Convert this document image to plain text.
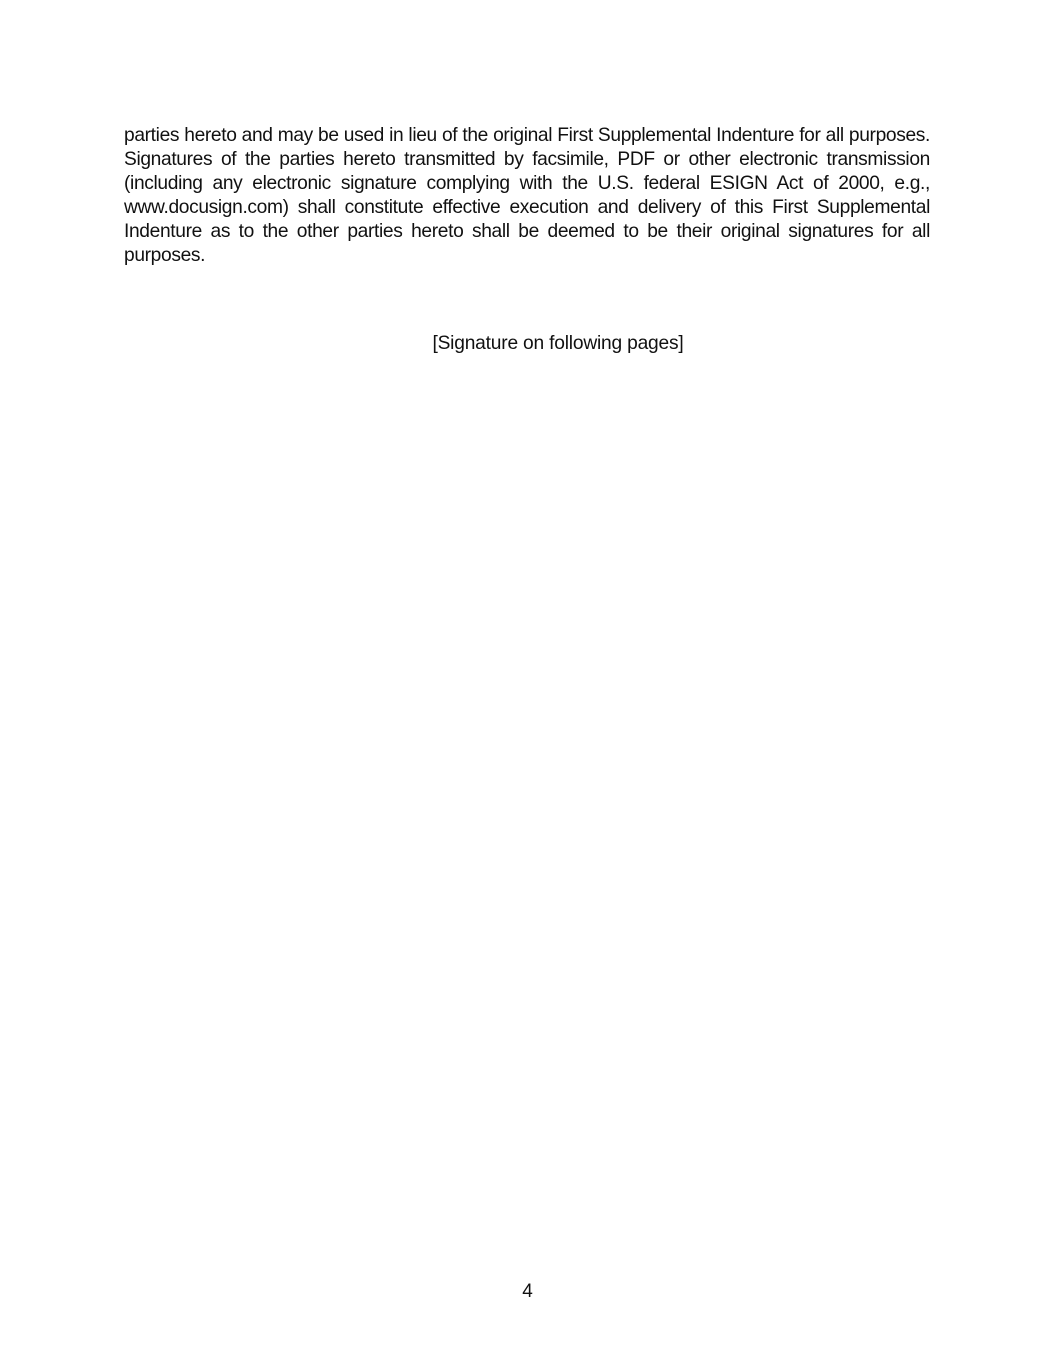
parties hereto and may be used in lieu of the original First Supplemental Indenture for all purposes. Signatures of the parties hereto transmitted by facsimile, PDF or other electronic transmission (including any electronic signature complying with the U.S. federal ESIGN Act of 2000, e.g., www.docusign.com) shall constitute effective execution and delivery of this First Supplemental Indenture as to the other parties hereto shall be deemed to be their original signatures for all purposes.

[Signature on following pages]

4
